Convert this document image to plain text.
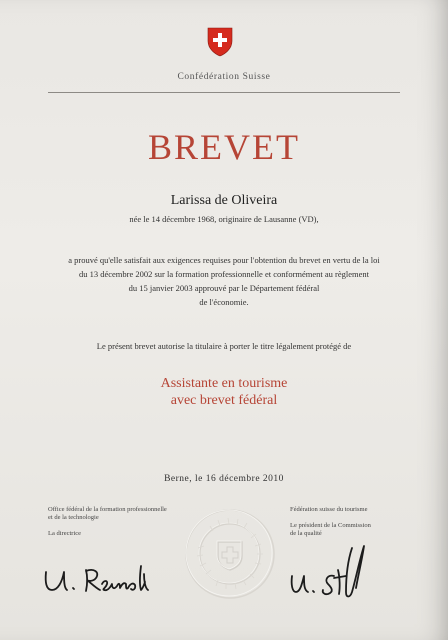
Confédération Suisse
BREVET
Larissa de Oliveira
née le 14 décembre 1968, originaire de Lausanne (VD),
a prouvé qu'elle satisfait aux exigences requises pour l'obtention du brevet en vertu de la loi
du 13 décembre 2002 sur la formation professionnelle et conformément au règlement
du 15 janvier 2003 approuvé par le Département fédéral
de l'économie.
Le présent brevet autorise la titulaire à porter le titre légalement protégé de
Assistante en tourisme
avec brevet fédéral
Berne, le 16 décembre 2010
Office fédéral de la formation professionnelle
et de la technologie
La directrice
Fédération suisse du tourisme
Le président de la Commission
de la qualité
